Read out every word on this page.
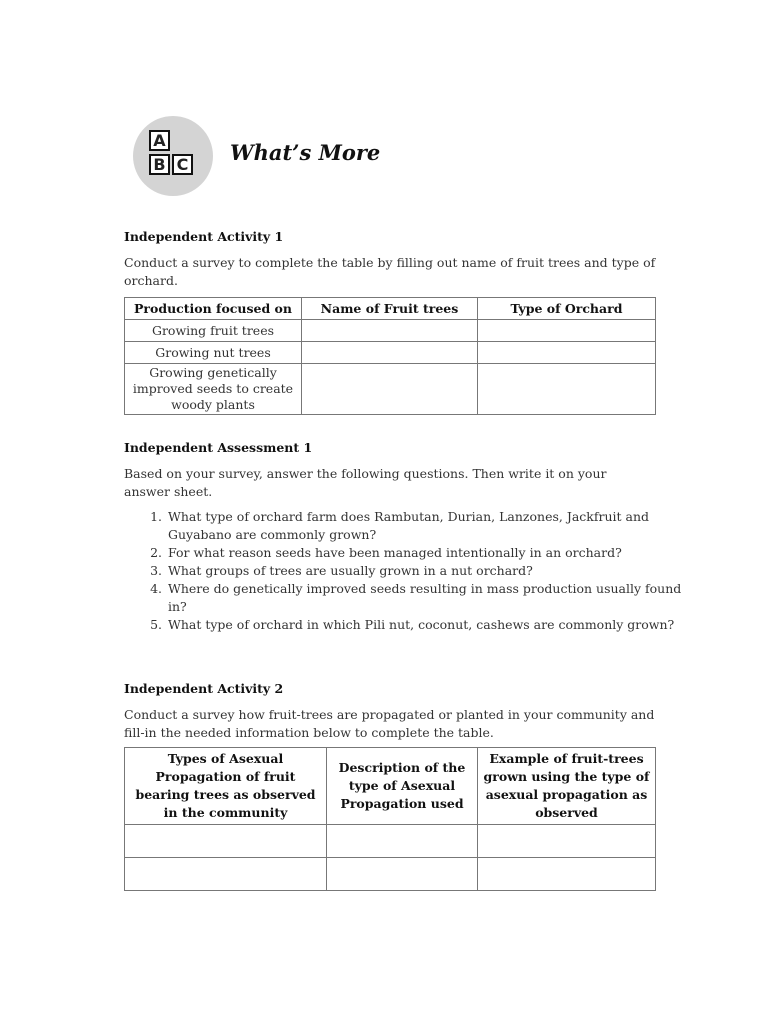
A
B C What’s More
Independent Activity 1
Conduct a survey to complete the table by filling out name of fruit trees and type of orchard.
Production focused on	Name of Fruit trees	Type of Orchard
Growing fruit trees		
Growing nut trees		
Growing genetically improved seeds to create woody plants		
Independent Assessment 1
Based on your survey, answer the following questions. Then write it on your answer sheet.
1. What type of orchard farm does Rambutan, Durian, Lanzones, Jackfruit and Guyabano are commonly grown?
2. For what reason seeds have been managed intentionally in an orchard?
3. What groups of trees are usually grown in a nut orchard?
4. Where do genetically improved seeds resulting in mass production usually found in?
5. What type of orchard in which Pili nut, coconut, cashews are commonly grown?
Independent Activity 2
Conduct a survey how fruit-trees are propagated or planted in your community and fill-in the needed information below to complete the table.
Types of Asexual Propagation of fruit bearing trees as observed in the community	Description of the type of Asexual Propagation used	Example of fruit-trees grown using the type of asexual propagation as observed
